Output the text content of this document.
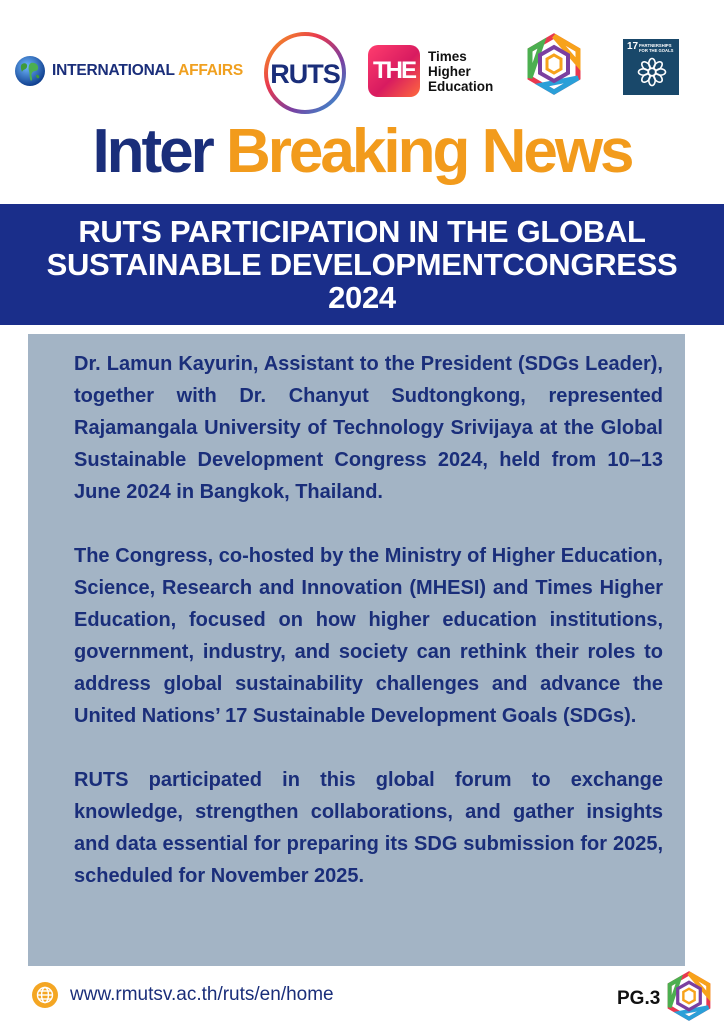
INTERNATIONAL AFFAIRS RUTS THE
Times
Higher
Education
17 PARTNERSHIPS FOR THE GOALS
Inter Breaking News
RUTS PARTICIPATION IN THE GLOBAL SUSTAINABLE DEVELOPMENTCONGRESS 2024

Dr. Lamun Kayurin, Assistant to the President (SDGs Leader), together with Dr. Chanyut Sudtongkong, represented Rajamangala University of Technology Srivijaya at the Global Sustainable Development Congress 2024, held from 10–13 June 2024 in Bangkok, Thailand.

The Congress, co-hosted by the Ministry of Higher Education, Science, Research and Innovation (MHESI) and Times Higher Education, focused on how higher education institutions, government, industry, and society can rethink their roles to address global sustainability challenges and advance the United Nations’ 17 Sustainable Development Goals (SDGs).

RUTS participated in this global forum to exchange knowledge, strengthen collaborations, and gather insights and data essential for preparing its SDG submission for 2025, scheduled for November 2025.

www.rmutsv.ac.th/ruts/en/home	PG.3
